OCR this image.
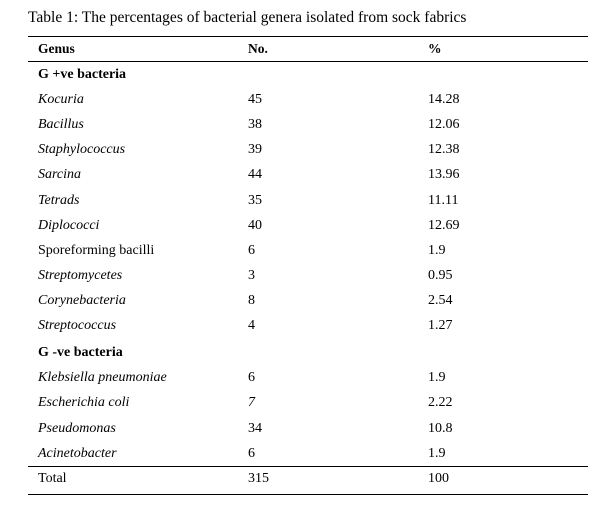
Table 1: The percentages of bacterial genera isolated from sock fabrics
Genus	No.	%
G +ve bacteria
Kocuria	45	14.28
Bacillus	38	12.06
Staphylococcus	39	12.38
Sarcina	44	13.96
Tetrads	35	11.11
Diplococci	40	12.69
Sporeforming bacilli	6	1.9
Streptomycetes	3	0.95
Corynebacteria	8	2.54
Streptococcus	4	1.27
G -ve bacteria
Klebsiella pneumoniae	6	1.9
Escherichia coli	7	2.22
Pseudomonas	34	10.8
Acinetobacter	6	1.9
Total	315	100
